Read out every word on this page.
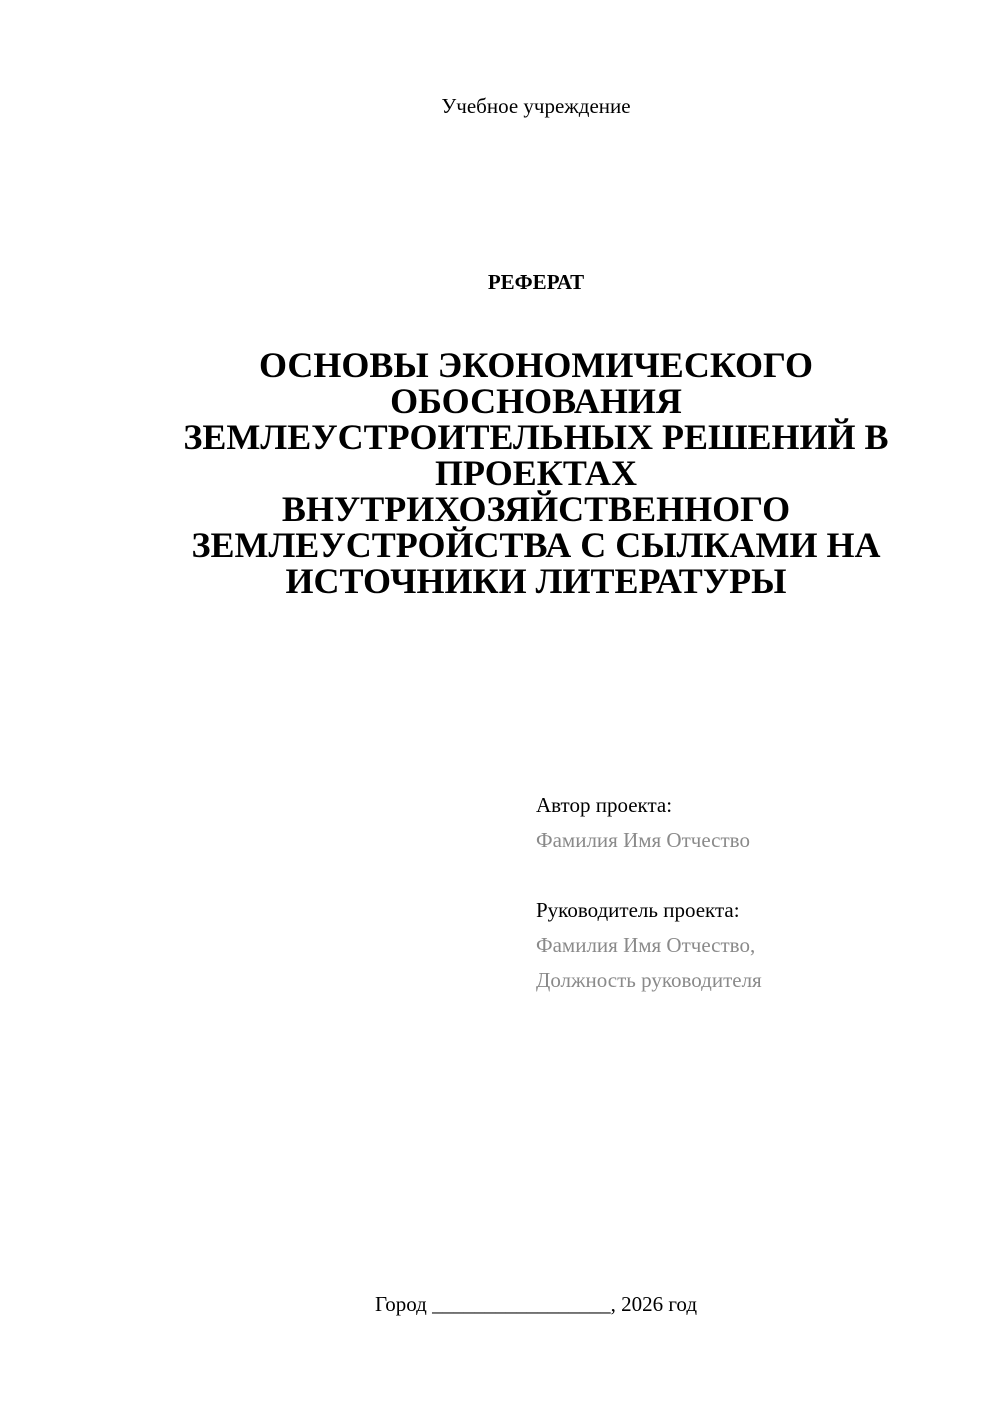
Учебное учреждение
РЕФЕРАТ
ОСНОВЫ ЭКОНОМИЧЕСКОГО
ОБОСНОВАНИЯ
ЗЕМЛЕУСТРОИТЕЛЬНЫХ РЕШЕНИЙ В
ПРОЕКТАХ
ВНУТРИХОЗЯЙСТВЕННОГО
ЗЕМЛЕУСТРОЙСТВА С СЫЛКАМИ НА
ИСТОЧНИКИ ЛИТЕРАТУРЫ
Автор проекта:
Фамилия Имя Отчество
Руководитель проекта:
Фамилия Имя Отчество,
Должность руководителя
Город _________________, 2026 год
